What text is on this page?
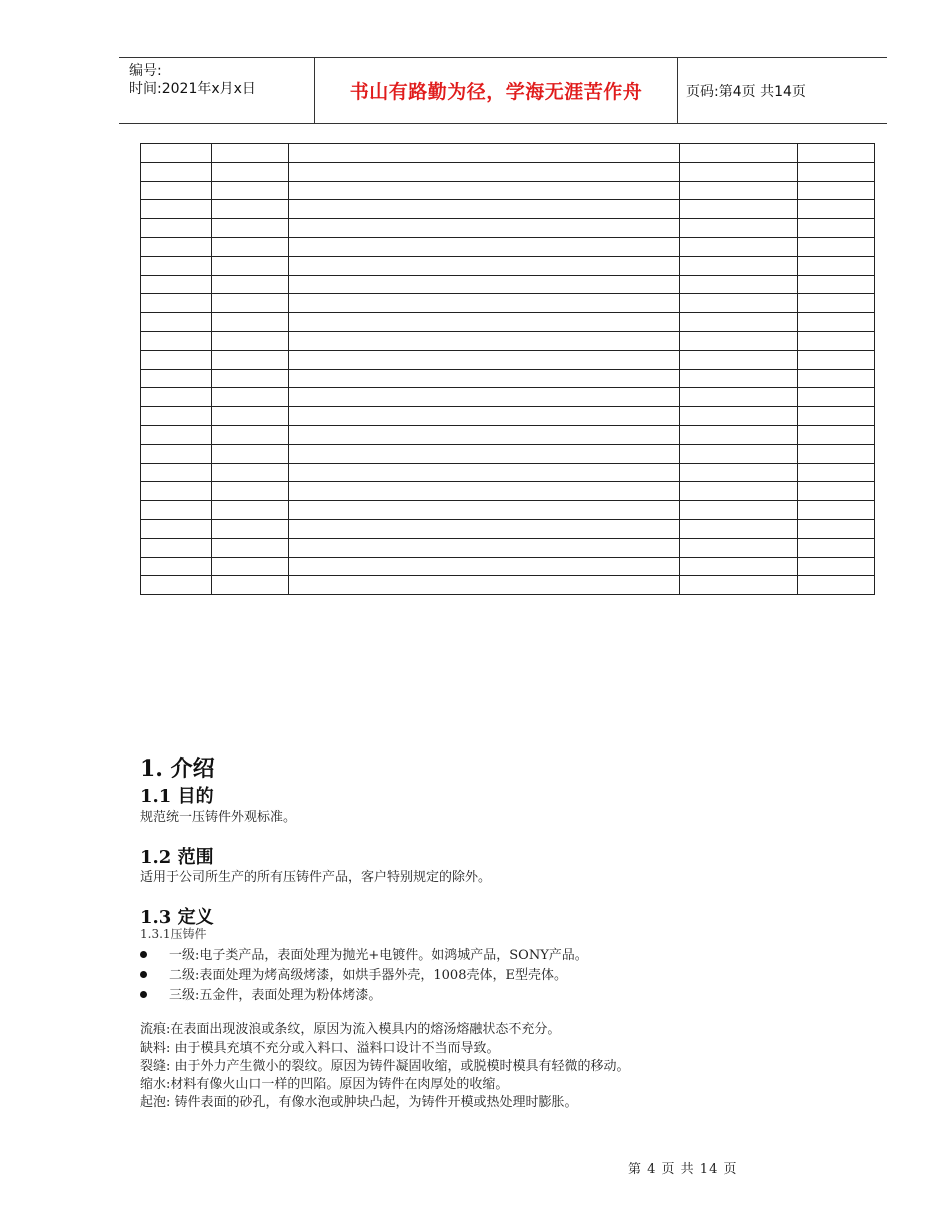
编号:
时间:2021年x月x日	书山有路勤为径，学海无涯苦作舟	页码:第4页 共14页

1. 介绍
1.1 目的
规范统一压铸件外观标准。
1.2 范围
适用于公司所生产的所有压铸件产品，客户特别规定的除外。
1.3 定义
1.3.1压铸件
一级:电子类产品，表面处理为抛光+电镀件。如鸿城产品，SONY产品。
二级:表面处理为烤高级烤漆，如烘手器外壳，1008壳体，E型壳体。
三级:五金件，表面处理为粉体烤漆。
流痕:在表面出现波浪或条纹，原因为流入模具内的熔汤熔融状态不充分。
缺料: 由于模具充填不充分或入料口、溢料口设计不当而导致。
裂缝: 由于外力产生微小的裂纹。原因为铸件凝固收缩，或脱模时模具有轻微的移动。
缩水:材料有像火山口一样的凹陷。原因为铸件在肉厚处的收缩。
起泡: 铸件表面的砂孔，有像水泡或肿块凸起，为铸件开模或热处理时膨胀。
第 4 页 共 14 页
